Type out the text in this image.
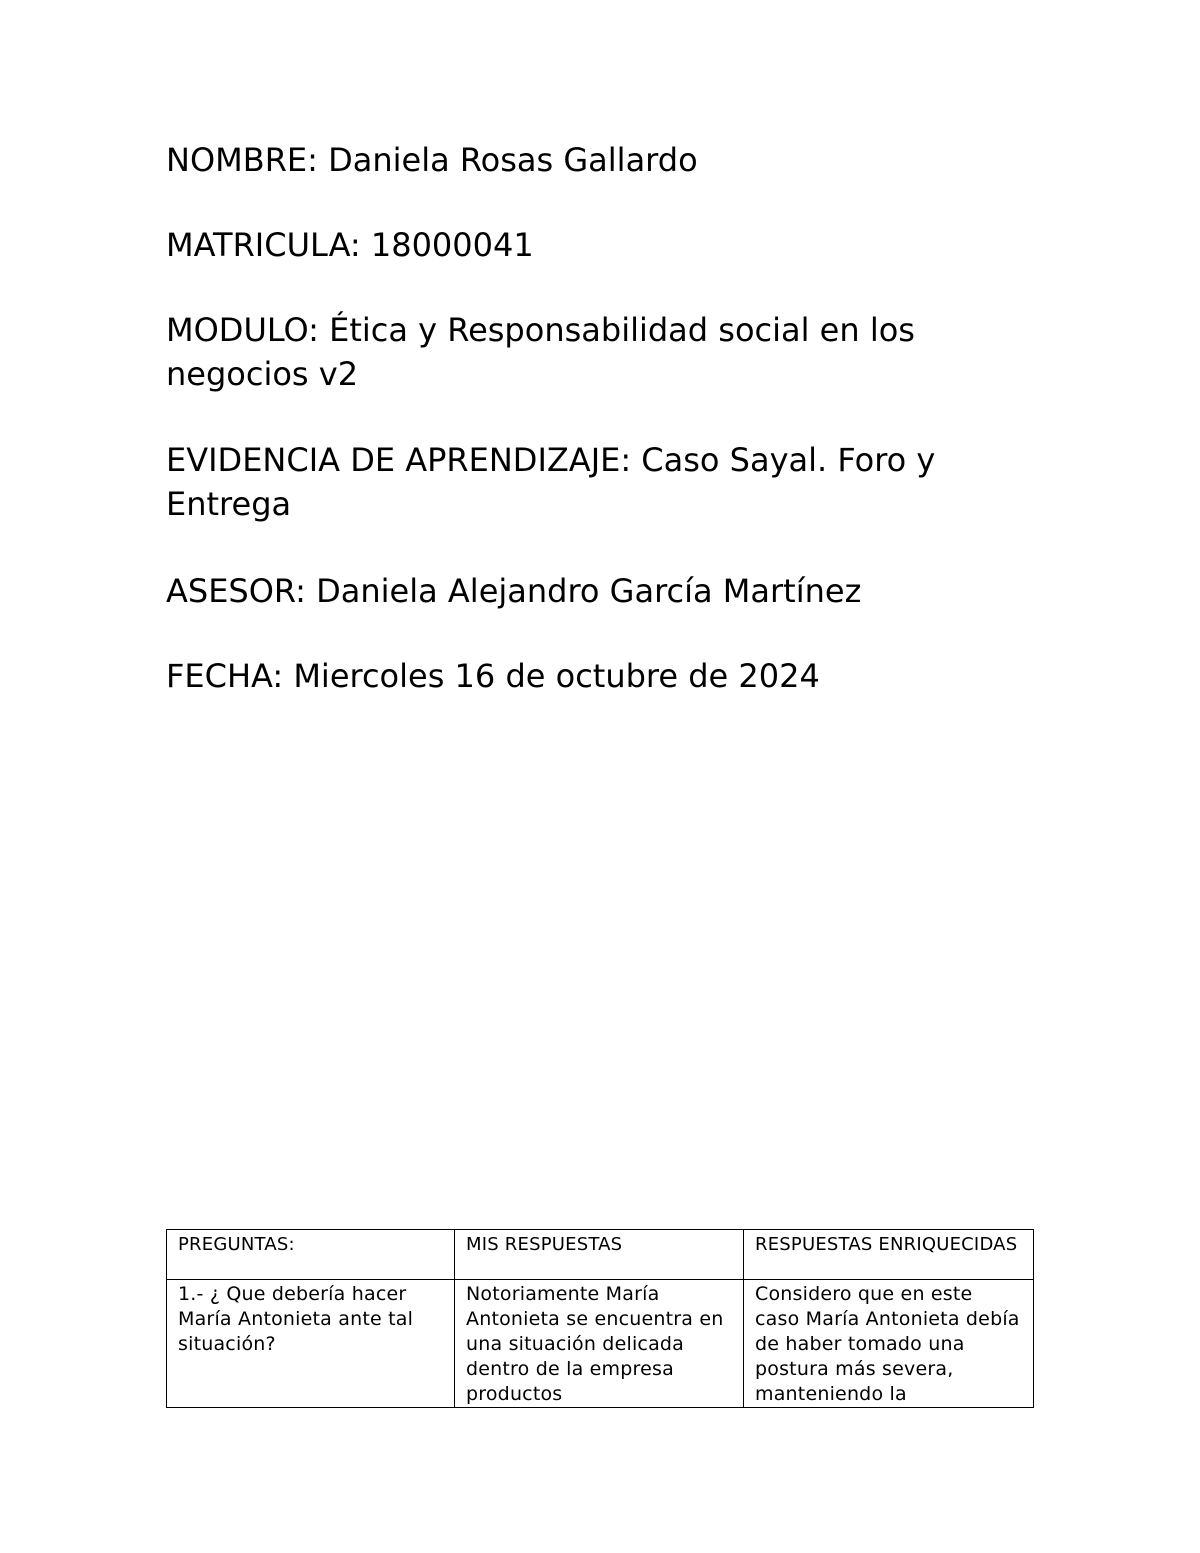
NOMBRE: Daniela Rosas Gallardo
MATRICULA: 18000041
MODULO: Ética y Responsabilidad social en los negocios v2
EVIDENCIA DE APRENDIZAJE: Caso Sayal. Foro y Entrega
ASESOR: Daniela Alejandro García Martínez
FECHA: Miercoles 16 de octubre de 2024
PREGUNTAS:	MIS RESPUESTAS	RESPUESTAS ENRIQUECIDAS
1.- ¿ Que debería hacer María Antonieta ante tal situación?	Notoriamente María Antonieta se encuentra en una situación delicada dentro de la empresa productos	Considero que en este caso María Antonieta debía de haber tomado una postura más severa, manteniendo la
